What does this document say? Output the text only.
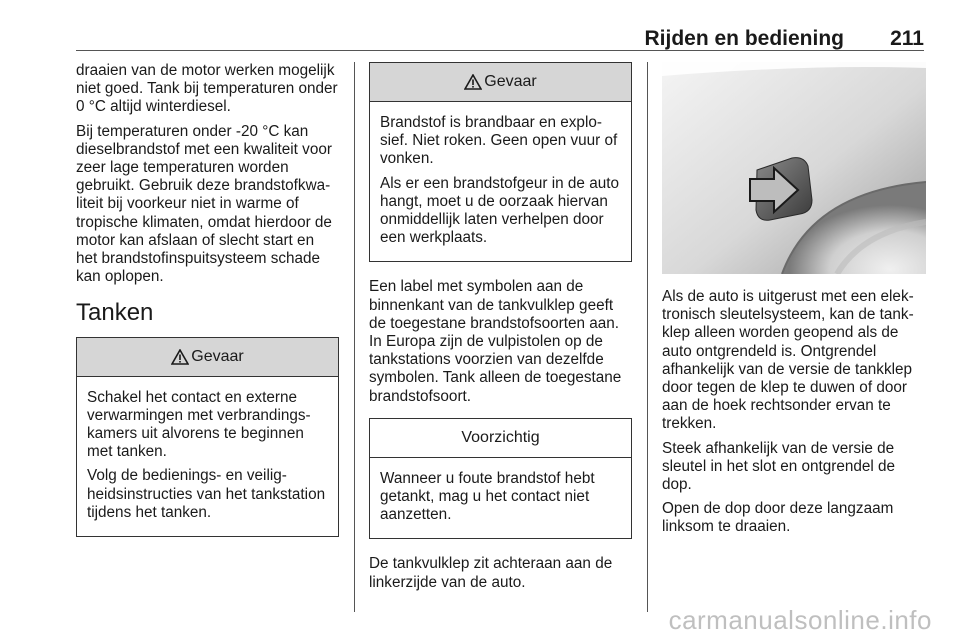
Rijden en bediening 211

draaien van de motor werken mogelijk niet goed. Tank bij temperaturen onder 0 °C altijd winterdiesel.

Bij temperaturen onder -20 °C kan dieselbrandstof met een kwaliteit voor zeer lage temperaturen worden gebruikt. Gebruik deze brandstofkwaliteit bij voorkeur niet in warme of tropische klimaten, omdat hierdoor de motor kan afslaan of slecht start en het brandstofinspuitsysteem schade kan oplopen.

Tanken
Gevaar

Schakel het contact en externe verwarmingen met verbrandingskamers uit alvorens te beginnen met tanken.

Volg de bedienings- en veiligheidsinstructies van het tankstation tijdens het tanken.

Gevaar

Brandstof is brandbaar en explosief. Niet roken. Geen open vuur of vonken.

Als er een brandstofgeur in de auto hangt, moet u de oorzaak hiervan onmiddellijk laten verhelpen door een werkplaats.

Een label met symbolen aan de binnenkant van de tankvulklep geeft de toegestane brandstofsoorten aan. In Europa zijn de vulpistolen op de tankstations voorzien van dezelfde symbolen. Tank alleen de toegestane brandstofsoort.

Voorzichtig

Wanneer u foute brandstof hebt getankt, mag u het contact niet aanzetten.

De tankvulklep zit achteraan aan de linkerzijde van de auto.

Als de auto is uitgerust met een elektronisch sleutelsysteem, kan de tankklep alleen worden geopend als de auto ontgrendeld is. Ontgrendel afhankelijk van de versie de tankklep door tegen de klep te duwen of door aan de hoek rechtsonder ervan te trekken.

Steek afhankelijk van de versie de sleutel in het slot en ontgrendel de dop.

Open de dop door deze langzaam linksom te draaien.

carmanualsonline.info
